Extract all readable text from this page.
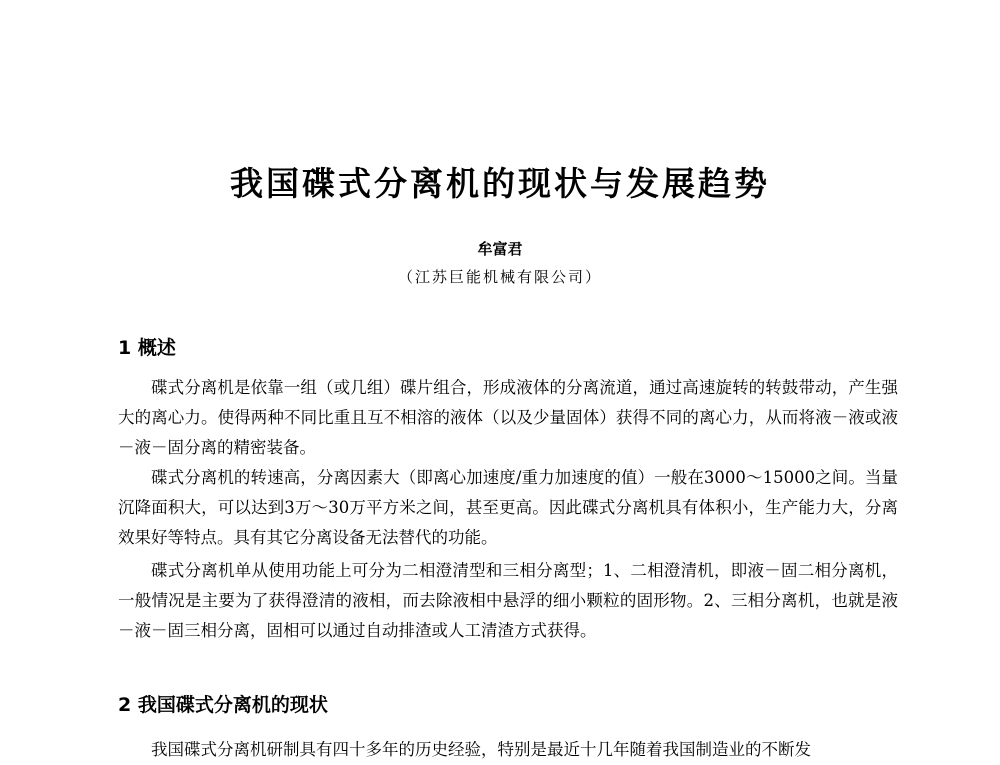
我国碟式分离机的现状与发展趋势
牟富君
（江苏巨能机械有限公司）
1 概述

碟式分离机是依靠一组（或几组）碟片组合，形成液体的分离流道，通过高速旋转的转鼓带动，产生强大的离心力。使得两种不同比重且互不相溶的液体（以及少量固体）获得不同的离心力，从而将液－液或液－液－固分离的精密装备。

碟式分离机的转速高，分离因素大（即离心加速度/重力加速度的值）一般在3000～15000之间。当量沉降面积大，可以达到3万～30万平方米之间，甚至更高。因此碟式分离机具有体积小，生产能力大，分离效果好等特点。具有其它分离设备无法替代的功能。

碟式分离机单从使用功能上可分为二相澄清型和三相分离型；1、二相澄清机，即液－固二相分离机，一般情况是主要为了获得澄清的液相，而去除液相中悬浮的细小颗粒的固形物。2、三相分离机，也就是液－液－固三相分离，固相可以通过自动排渣或人工清渣方式获得。

2 我国碟式分离机的现状

我国碟式分离机研制具有四十多年的历史经验，特别是最近十几年随着我国制造业的不断发
